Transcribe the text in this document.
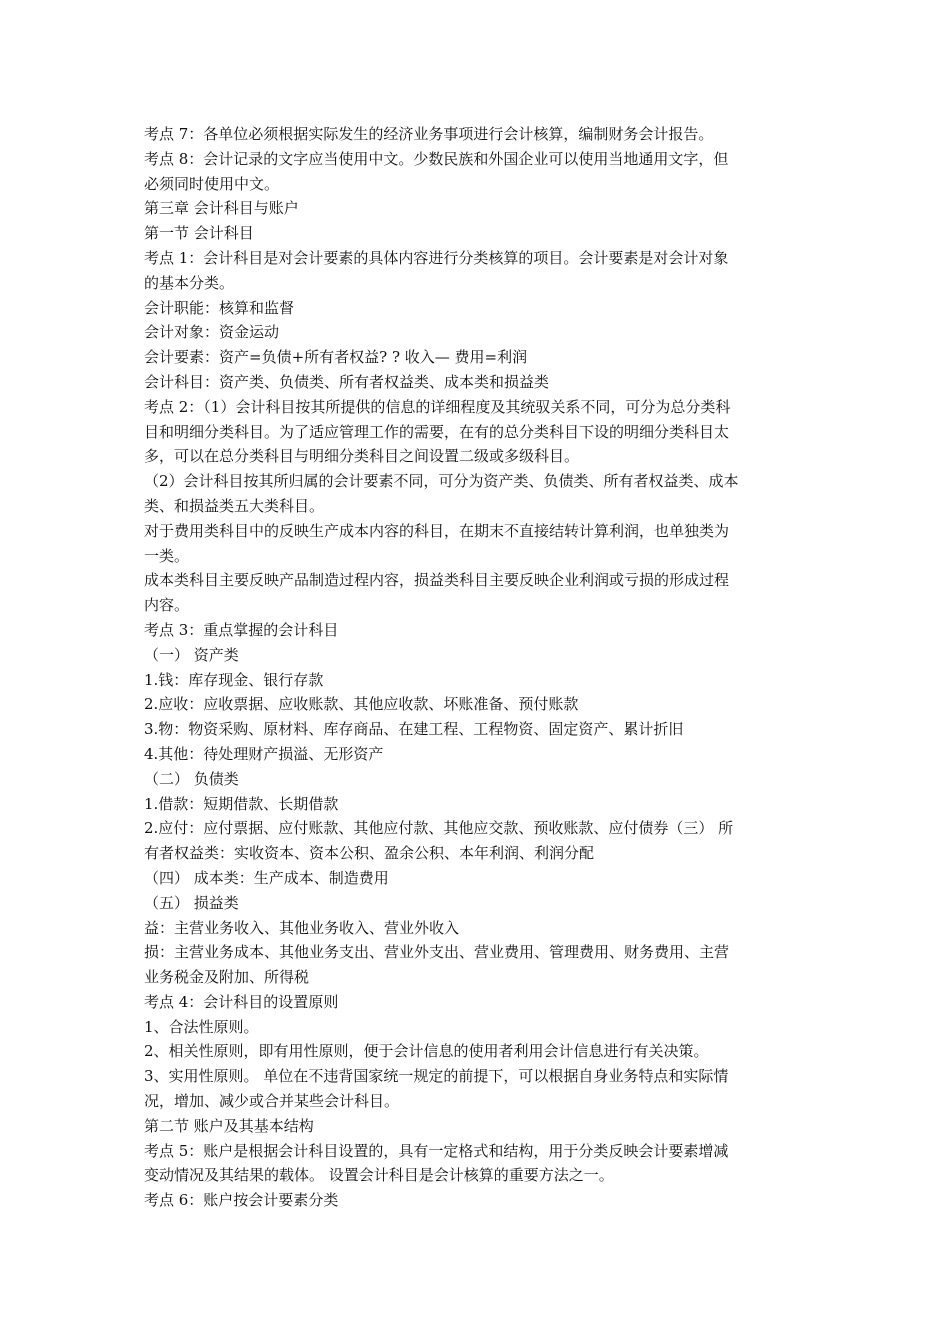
考点 7：各单位必须根据实际发生的经济业务事项进行会计核算，编制财务会计报告。
考点 8：会计记录的文字应当使用中文。少数民族和外国企业可以使用当地通用文字，但
必须同时使用中文。
第三章 会计科目与账户
第一节 会计科目
考点 1：会计科目是对会计要素的具体内容进行分类核算的项目。会计要素是对会计对象
的基本分类。
会计职能：核算和监督
会计对象：资金运动
会计要素：资产=负债+所有者权益? ? 收入— 费用=利润
会计科目：资产类、负债类、所有者权益类、成本类和损益类
考点 2：（1）会计科目按其所提供的信息的详细程度及其统驭关系不同，可分为总分类科
目和明细分类科目。为了适应管理工作的需要，在有的总分类科目下设的明细分类科目太
多，可以在总分类科目与明细分类科目之间设置二级或多级科目。
（2）会计科目按其所归属的会计要素不同，可分为资产类、负债类、所有者权益类、成本
类、和损益类五大类科目。
对于费用类科目中的反映生产成本内容的科目，在期末不直接结转计算利润，也单独类为
一类。
成本类科目主要反映产品制造过程内容，损益类科目主要反映企业利润或亏损的形成过程
内容。
考点 3：重点掌握的会计科目
（一） 资产类
1.钱：库存现金、银行存款
2.应收：应收票据、应收账款、其他应收款、坏账准备、预付账款
3.物：物资采购、原材料、库存商品、在建工程、工程物资、固定资产、累计折旧
4.其他：待处理财产损溢、无形资产
（二） 负债类
1.借款：短期借款、长期借款
2.应付：应付票据、应付账款、其他应付款、其他应交款、预收账款、应付债券（三） 所
有者权益类：实收资本、资本公积、盈余公积、本年利润、利润分配
（四） 成本类：生产成本、制造费用
（五） 损益类
益：主营业务收入、其他业务收入、营业外收入
损：主营业务成本、其他业务支出、营业外支出、营业费用、管理费用、财务费用、主营
业务税金及附加、所得税
考点 4：会计科目的设置原则
1、合法性原则。
2、相关性原则，即有用性原则，便于会计信息的使用者利用会计信息进行有关决策。
3、实用性原则。 单位在不违背国家统一规定的前提下，可以根据自身业务特点和实际情
况，增加、减少或合并某些会计科目。
第二节 账户及其基本结构
考点 5：账户是根据会计科目设置的，具有一定格式和结构，用于分类反映会计要素增减
变动情况及其结果的载体。 设置会计科目是会计核算的重要方法之一。
考点 6：账户按会计要素分类
